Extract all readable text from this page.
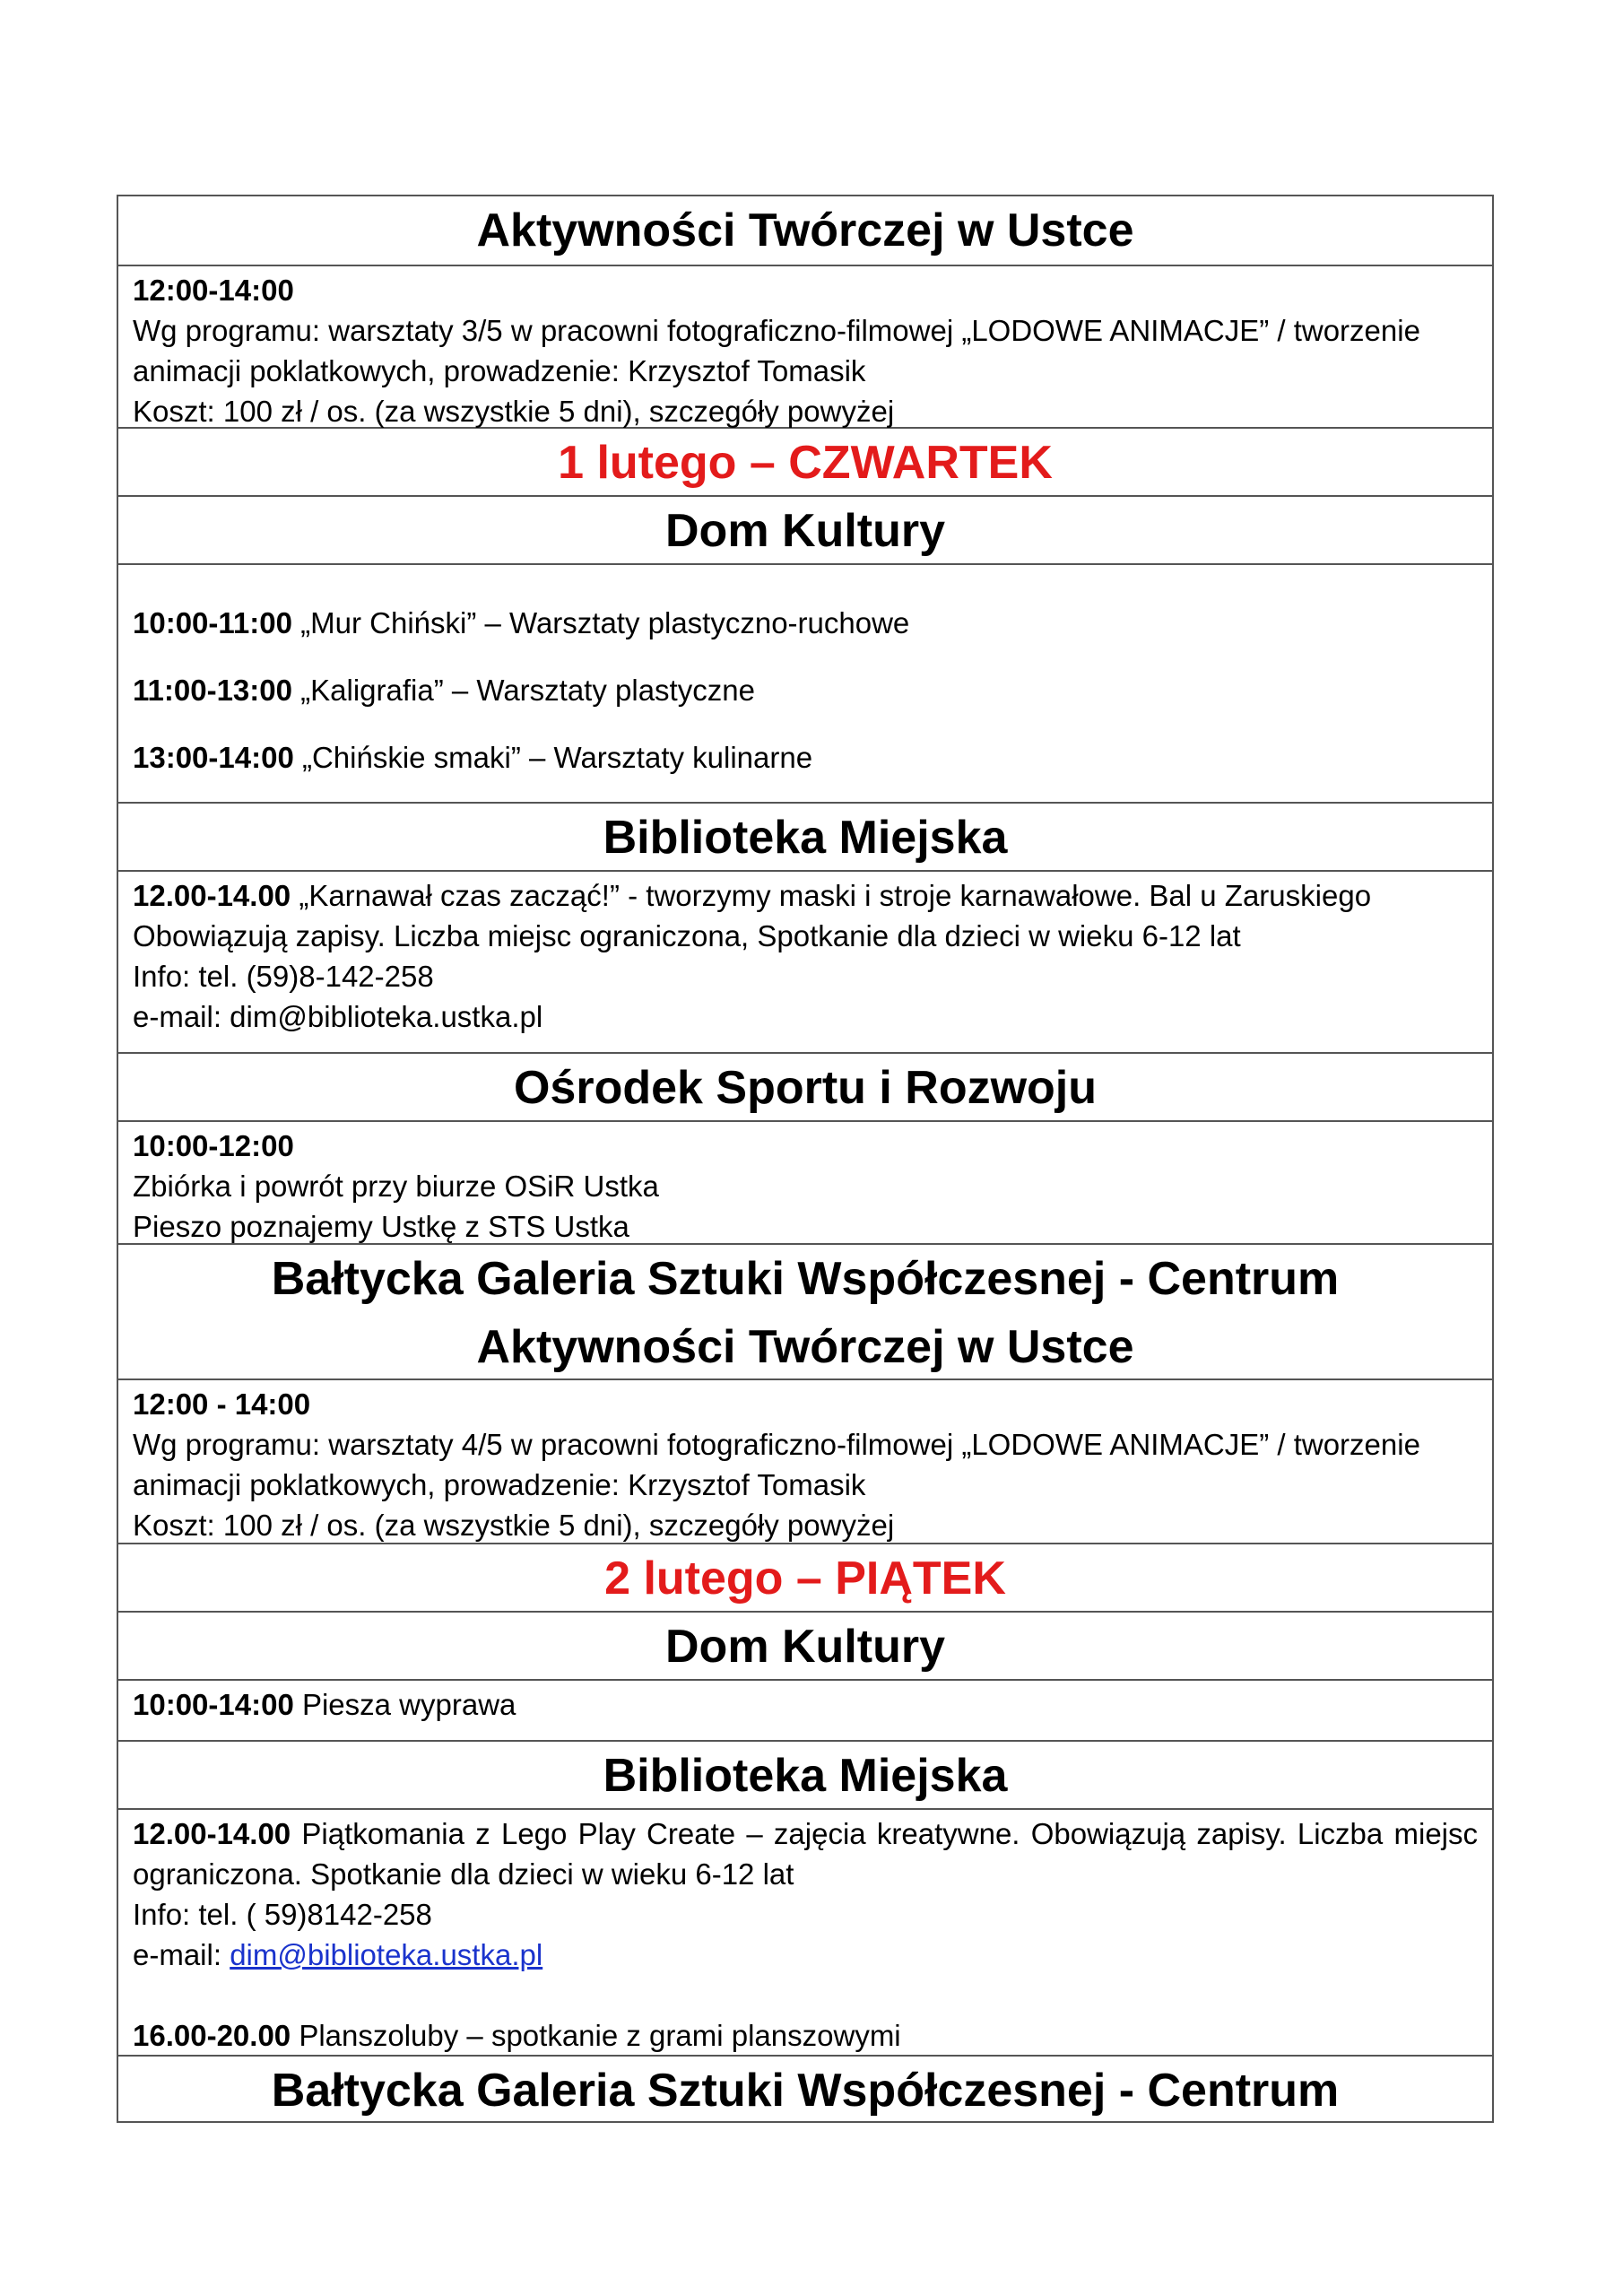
Aktywności Twórczej w Ustce

12:00-14:00

Wg programu: warsztaty 3/5 w pracowni fotograficzno-filmowej „LODOWE ANIMACJE” / tworzenie

animacji poklatkowych, prowadzenie: Krzysztof Tomasik

Koszt: 100 zł / os. (za wszystkie 5 dni), szczegóły powyżej

1 lutego – CZWARTEK
Dom Kultury

10:00-11:00 „Mur Chiński” – Warsztaty plastyczno-ruchowe

11:00-13:00 „Kaligrafia” – Warsztaty plastyczne

13:00-14:00 „Chińskie smaki” – Warsztaty kulinarne

Biblioteka Miejska

12.00-14.00 „Karnawał czas zacząć!” - tworzymy maski i stroje karnawałowe. Bal u Zaruskiego

Obowiązują zapisy. Liczba miejsc ograniczona, Spotkanie dla dzieci w wieku 6-12 lat

Info: tel. (59)8-142-258

e-mail: dim@biblioteka.ustka.pl

Ośrodek Sportu i Rozwoju

10:00-12:00

Zbiórka i powrót przy biurze OSiR Ustka

Pieszo poznajemy Ustkę z STS Ustka

Bałtycka Galeria Sztuki Współczesnej - Centrum
Aktywności Twórczej w Ustce

12:00 - 14:00

Wg programu: warsztaty 4/5 w pracowni fotograficzno-filmowej „LODOWE ANIMACJE” / tworzenie

animacji poklatkowych, prowadzenie: Krzysztof Tomasik

Koszt: 100 zł / os. (za wszystkie 5 dni), szczegóły powyżej

2 lutego – PIĄTEK
Dom Kultury

10:00-14:00 Piesza wyprawa

Biblioteka Miejska

12.00-14.00 Piątkomania z Lego Play Create – zajęcia kreatywne. Obowiązują zapisy. Liczba miejsc ograniczona. Spotkanie dla dzieci w wieku 6-12 lat

Info: tel. ( 59)8142-258

e-mail: dim@biblioteka.ustka.pl

16.00-20.00 Planszoluby – spotkanie z grami planszowymi

Bałtycka Galeria Sztuki Współczesnej - Centrum
